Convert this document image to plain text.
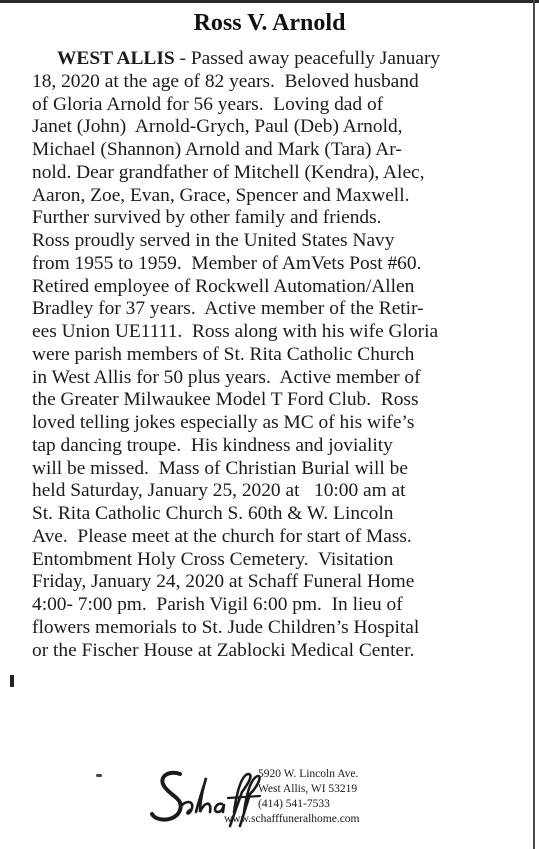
Ross V. Arnold
WEST ALLIS - Passed away peacefully January
18, 2020 at the age of 82 years.  Beloved husband
of Gloria Arnold for 56 years.  Loving dad of
Janet (John)  Arnold-Grych, Paul (Deb) Arnold,
Michael (Shannon) Arnold and Mark (Tara) Ar-
nold. Dear grandfather of Mitchell (Kendra), Alec,
Aaron, Zoe, Evan, Grace, Spencer and Maxwell.
Further survived by other family and friends.
Ross proudly served in the United States Navy
from 1955 to 1959.  Member of AmVets Post #60.
Retired employee of Rockwell Automation/Allen
Bradley for 37 years.  Active member of the Retir-
ees Union UE1111.  Ross along with his wife Gloria
were parish members of St. Rita Catholic Church
in West Allis for 50 plus years.  Active member of
the Greater Milwaukee Model T Ford Club.  Ross
loved telling jokes especially as MC of his wife’s
tap dancing troupe.  His kindness and joviality
will be missed.  Mass of Christian Burial will be
held Saturday, January 25, 2020 at   10:00 am at
St. Rita Catholic Church S. 60th & W. Lincoln
Ave.  Please meet at the church for start of Mass.
Entombment Holy Cross Cemetery.  Visitation
Friday, January 24, 2020 at Schaff Funeral Home
4:00- 7:00 pm.  Parish Vigil 6:00 pm.  In lieu of
flowers memorials to St. Jude Children’s Hospital
or the Fischer House at Zablocki Medical Center.
5920 W. Lincoln Ave.
West Allis, WI 53219
(414) 541-7533
www.schafffuneralhome.com
